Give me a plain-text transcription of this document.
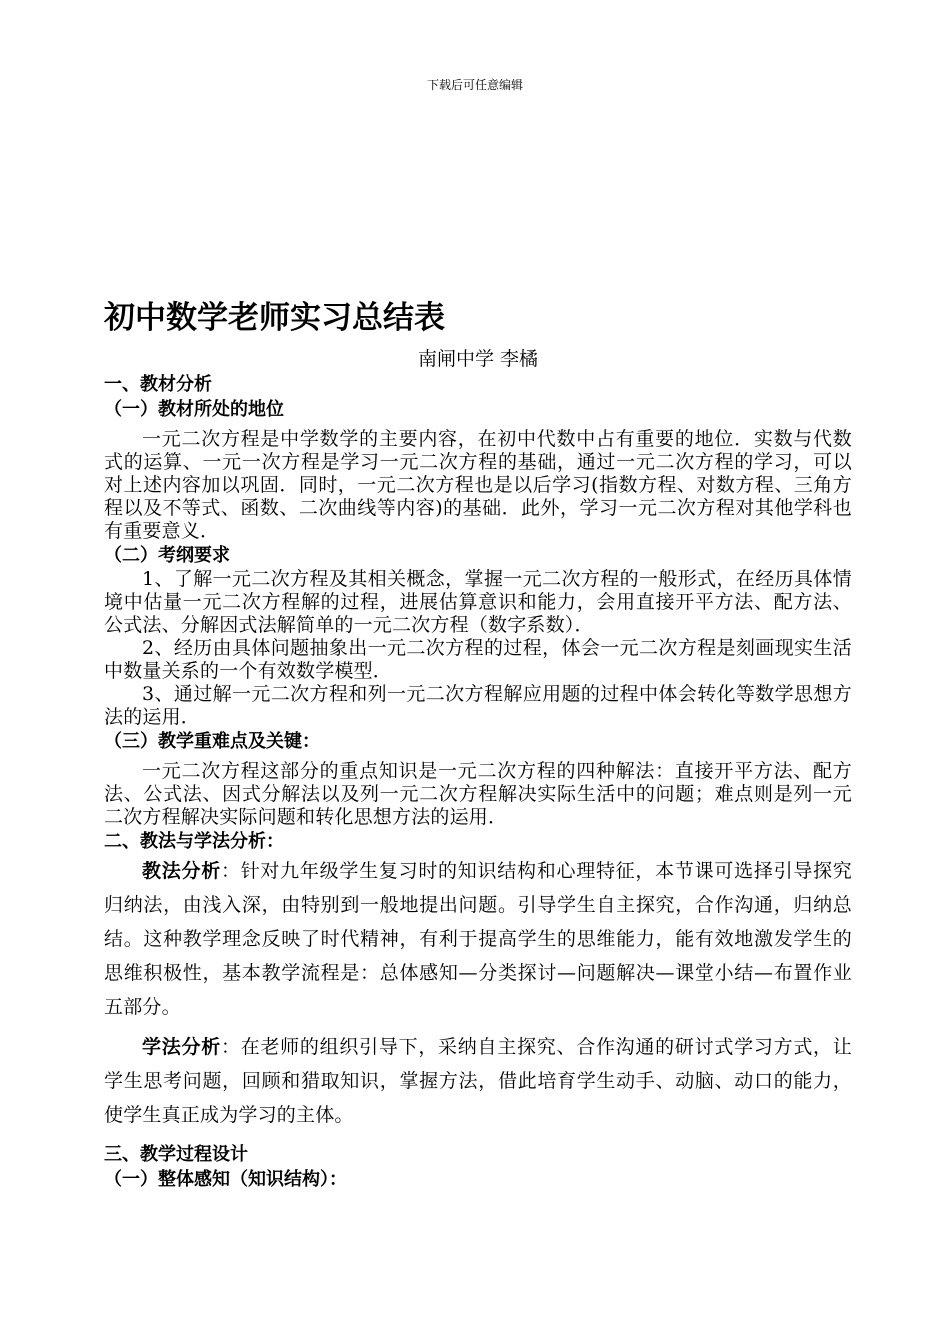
下载后可任意编辑
初中数学老师实习总结表
南闸中学 李橘
一、教材分析
（一）教材所处的地位

一元二次方程是中学数学的主要内容，在初中代数中占有重要的地位．实数与代数式的运算、一元一次方程是学习一元二次方程的基础，通过一元二次方程的学习，可以对上述内容加以巩固．同时，一元二次方程也是以后学习(指数方程、对数方程、三角方程以及不等式、函数、二次曲线等内容)的基础．此外，学习一元二次方程对其他学科也有重要意义．

（二）考纲要求

1、了解一元二次方程及其相关概念，掌握一元二次方程的一般形式，在经历具体情境中估量一元二次方程解的过程，进展估算意识和能力，会用直接开平方法、配方法、公式法、分解因式法解简单的一元二次方程（数字系数）．

2、经历由具体问题抽象出一元二次方程的过程，体会一元二次方程是刻画现实生活中数量关系的一个有效数学模型．

3、通过解一元二次方程和列一元二次方程解应用题的过程中体会转化等数学思想方法的运用．

（三）教学重难点及关键：

一元二次方程这部分的重点知识是一元二次方程的四种解法：直接开平方法、配方法、公式法、因式分解法以及列一元二次方程解决实际生活中的问题；难点则是列一元二次方程解决实际问题和转化思想方法的运用．

二、教法与学法分析：

教法分析：针对九年级学生复习时的知识结构和心理特征，本节课可选择引导探究归纳法，由浅入深，由特别到一般地提出问题。引导学生自主探究，合作沟通，归纳总结。这种教学理念反映了时代精神，有利于提高学生的思维能力，能有效地激发学生的思维积极性，基本教学流程是：总体感知—分类探讨—问题解决—课堂小结—布置作业五部分。

学法分析：在老师的组织引导下，采纳自主探究、合作沟通的研讨式学习方式，让学生思考问题，回顾和猎取知识，掌握方法，借此培育学生动手、动脑、动口的能力，使学生真正成为学习的主体。

三、教学过程设计
（一）整体感知（知识结构）：
